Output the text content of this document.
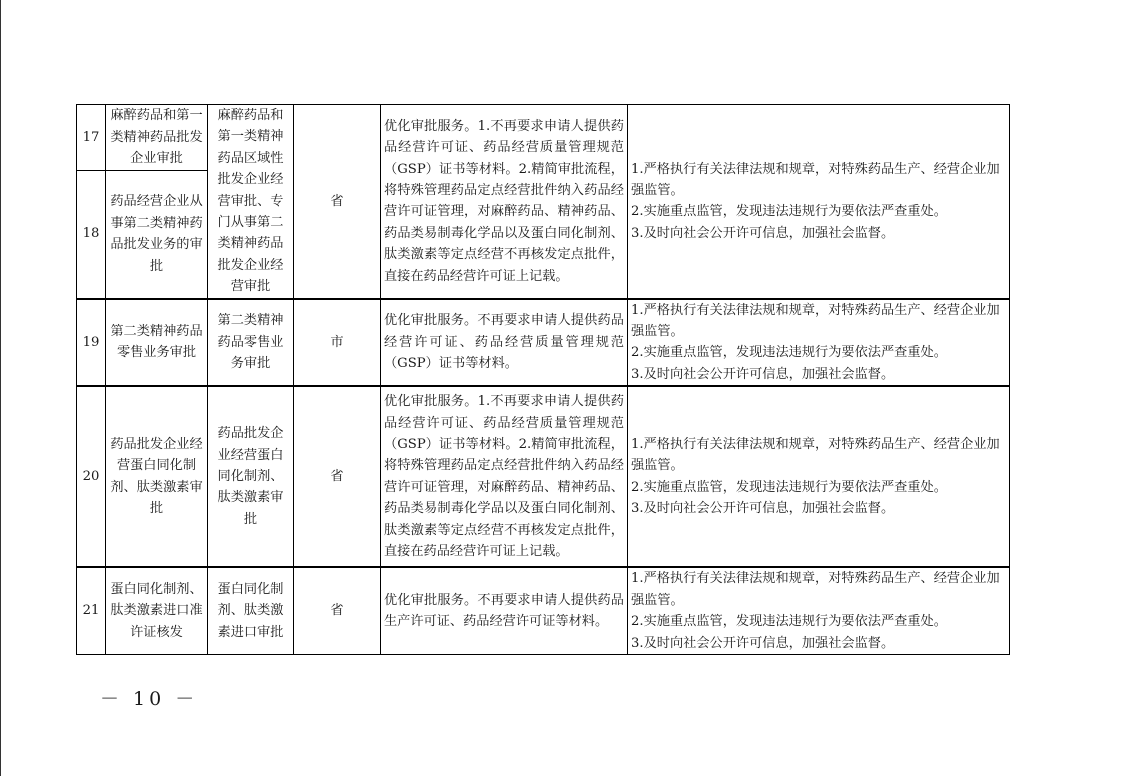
17	麻醉药品和第一类精神药品批发企业审批	麻醉药品和第一类精神药品区域性批发企业经营审批、专门从事第二类精神药品批发企业经营审批	省	优化审批服务。1.不再要求申请人提供药品经营许可证、药品经营质量管理规范（GSP）证书等材料。2.精简审批流程，将特殊管理药品定点经营批件纳入药品经营许可证管理，对麻醉药品、精神药品、药品类易制毒化学品以及蛋白同化制剂、肽类激素等定点经营不再核发定点批件，直接在药品经营许可证上记载。	1.严格执行有关法律法规和规章，对特殊药品生产、经营企业加强监管。
2.实施重点监管，发现违法违规行为要依法严查重处。
3.及时向社会公开许可信息，加强社会监督。

18	药品经营企业从事第二类精神药品批发业务的审批				
19	第二类精神药品零售业务审批	第二类精神药品零售业务审批	市	优化审批服务。不再要求申请人提供药品经营许可证、药品经营质量管理规范（GSP）证书等材料。	1.严格执行有关法律法规和规章，对特殊药品生产、经营企业加强监管。
2.实施重点监管，发现违法违规行为要依法严查重处。
3.及时向社会公开许可信息，加强社会监督。

20	药品批发企业经营蛋白同化制剂、肽类激素审批	药品批发企业经营蛋白同化制剂、肽类激素审批	省	优化审批服务。1.不再要求申请人提供药品经营许可证、药品经营质量管理规范（GSP）证书等材料。2.精简审批流程，将特殊管理药品定点经营批件纳入药品经营许可证管理，对麻醉药品、精神药品、药品类易制毒化学品以及蛋白同化制剂、肽类激素等定点经营不再核发定点批件，直接在药品经营许可证上记载。	1.严格执行有关法律法规和规章，对特殊药品生产、经营企业加强监管。
2.实施重点监管，发现违法违规行为要依法严查重处。
3.及时向社会公开许可信息，加强社会监督。

21	蛋白同化制剂、肽类激素进口准许证核发	蛋白同化制剂、肽类激素进口审批	省	优化审批服务。不再要求申请人提供药品生产许可证、药品经营许可证等材料。	1.严格执行有关法律法规和规章，对特殊药品生产、经营企业加强监管。
2.实施重点监管，发现违法违规行为要依法严查重处。
3.及时向社会公开许可信息，加强社会监督。
－ 10 －
